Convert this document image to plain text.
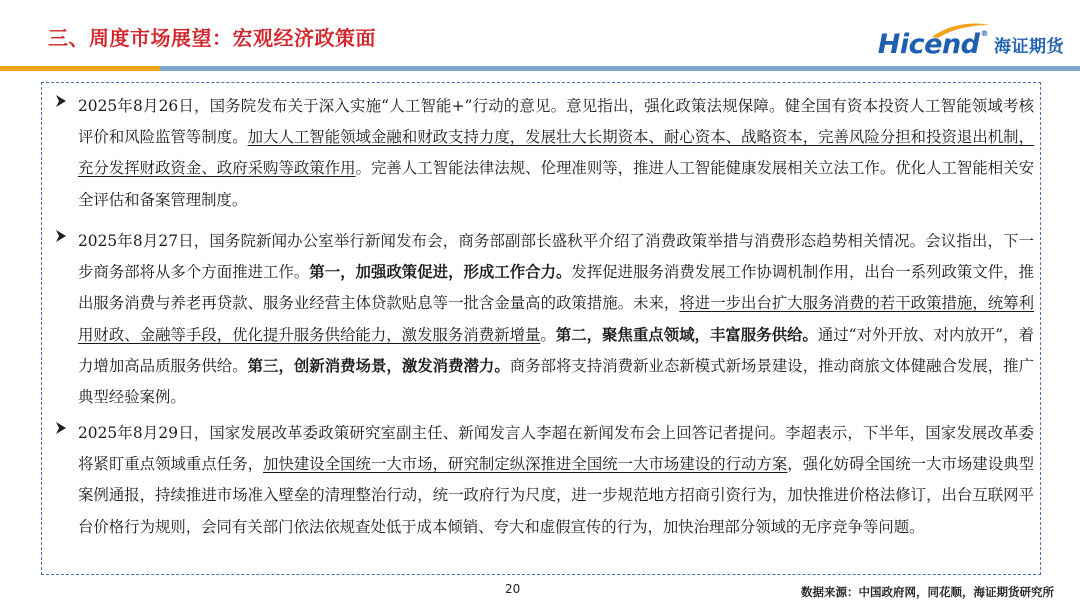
三、周度市场展望：宏观经济政策面	Hicend®
海证期货

2025年8月26日，国务院发布关于深入实施“人工智能+”行动的意见。意见指出，强化政策法规保障。健全国有资本投资人工智能领域考核评价和风险监管等制度。加大人工智能领域金融和财政支持力度，发展壮大长期资本、耐心资本、战略资本，完善风险分担和投资退出机制，充分发挥财政资金、政府采购等政策作用。完善人工智能法律法规、伦理准则等，推进人工智能健康发展相关立法工作。优化人工智能相关安全评估和备案管理制度。

2025年8月27日，国务院新闻办公室举行新闻发布会，商务部副部长盛秋平介绍了消费政策举措与消费形态趋势相关情况。会议指出，下一步商务部将从多个方面推进工作。第一，加强政策促进，形成工作合力。发挥促进服务消费发展工作协调机制作用，出台一系列政策文件，推出服务消费与养老再贷款、服务业经营主体贷款贴息等一批含金量高的政策措施。未来，将进一步出台扩大服务消费的若干政策措施，统筹利用财政、金融等手段，优化提升服务供给能力，激发服务消费新增量。第二，聚焦重点领域，丰富服务供给。通过“对外开放、对内放开”，着力增加高品质服务供给。第三，创新消费场景，激发消费潜力。商务部将支持消费新业态新模式新场景建设，推动商旅文体健融合发展，推广典型经验案例。

2025年8月29日，国家发展改革委政策研究室副主任、新闻发言人李超在新闻发布会上回答记者提问。李超表示，下半年，国家发展改革委将紧盯重点领域重点任务，加快建设全国统一大市场，研究制定纵深推进全国统一大市场建设的行动方案，强化妨碍全国统一大市场建设典型案例通报，持续推进市场准入壁垒的清理整治行动，统一政府行为尺度，进一步规范地方招商引资行为，加快推进价格法修订，出台互联网平台价格行为规则，会同有关部门依法依规查处低于成本倾销、夸大和虚假宣传的行为，加快治理部分领域的无序竞争等问题。

20	数据来源：中国政府网，同花顺，海证期货研究所
